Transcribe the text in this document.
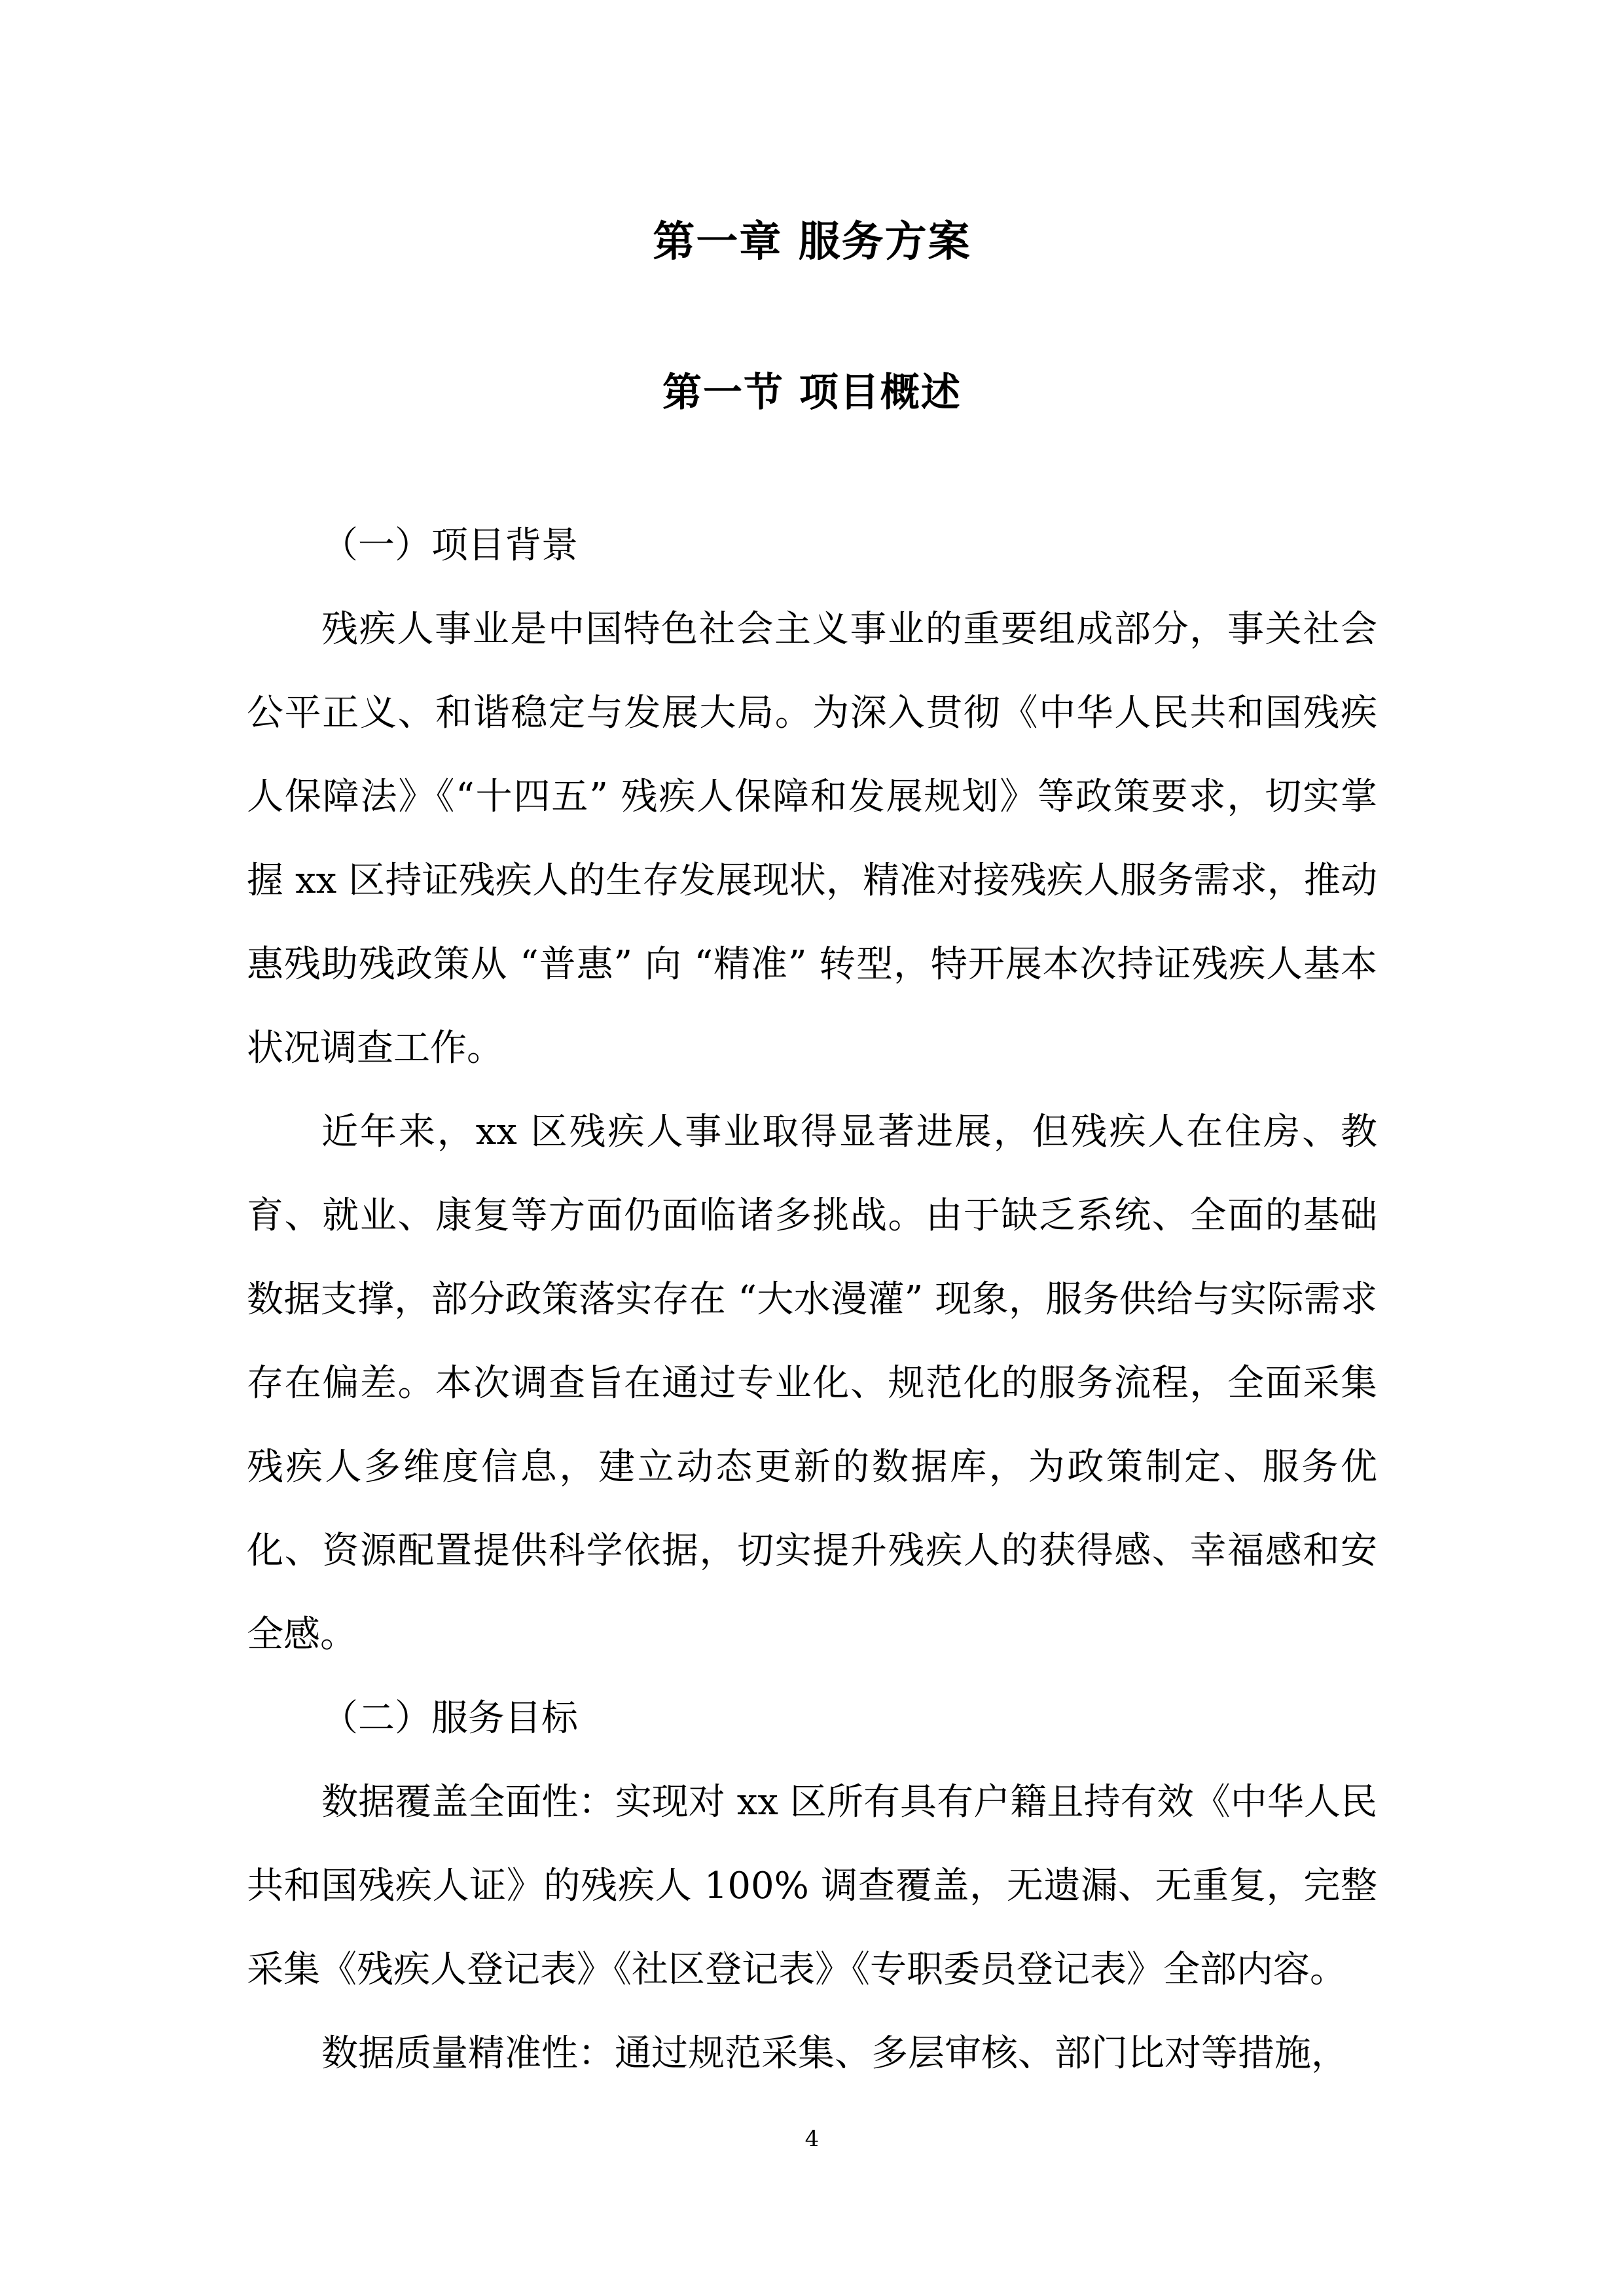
第一章 服务方案
第一节 项目概述

（一）项目背景

残疾人事业是中国特色社会主义事业的重要组成部分，事关社会公平正义、和谐稳定与发展大局。为深入贯彻《中华人民共和国残疾人保障法》《“十四五” 残疾人保障和发展规划》等政策要求，切实掌握 xx 区持证残疾人的生存发展现状，精准对接残疾人服务需求，推动惠残助残政策从 “普惠” 向 “精准” 转型，特开展本次持证残疾人基本状况调查工作。

近年来，xx 区残疾人事业取得显著进展，但残疾人在住房、教育、就业、康复等方面仍面临诸多挑战。由于缺乏系统、全面的基础数据支撑，部分政策落实存在 “大水漫灌” 现象，服务供给与实际需求存在偏差。本次调查旨在通过专业化、规范化的服务流程，全面采集残疾人多维度信息，建立动态更新的数据库，为政策制定、服务优化、资源配置提供科学依据，切实提升残疾人的获得感、幸福感和安全感。

（二）服务目标

数据覆盖全面性：实现对 xx 区所有具有户籍且持有效《中华人民共和国残疾人证》的残疾人 100% 调查覆盖，无遗漏、无重复，完整采集《残疾人登记表》《社区登记表》《专职委员登记表》全部内容。

数据质量精准性：通过规范采集、多层审核、部门比对等措施，

4
